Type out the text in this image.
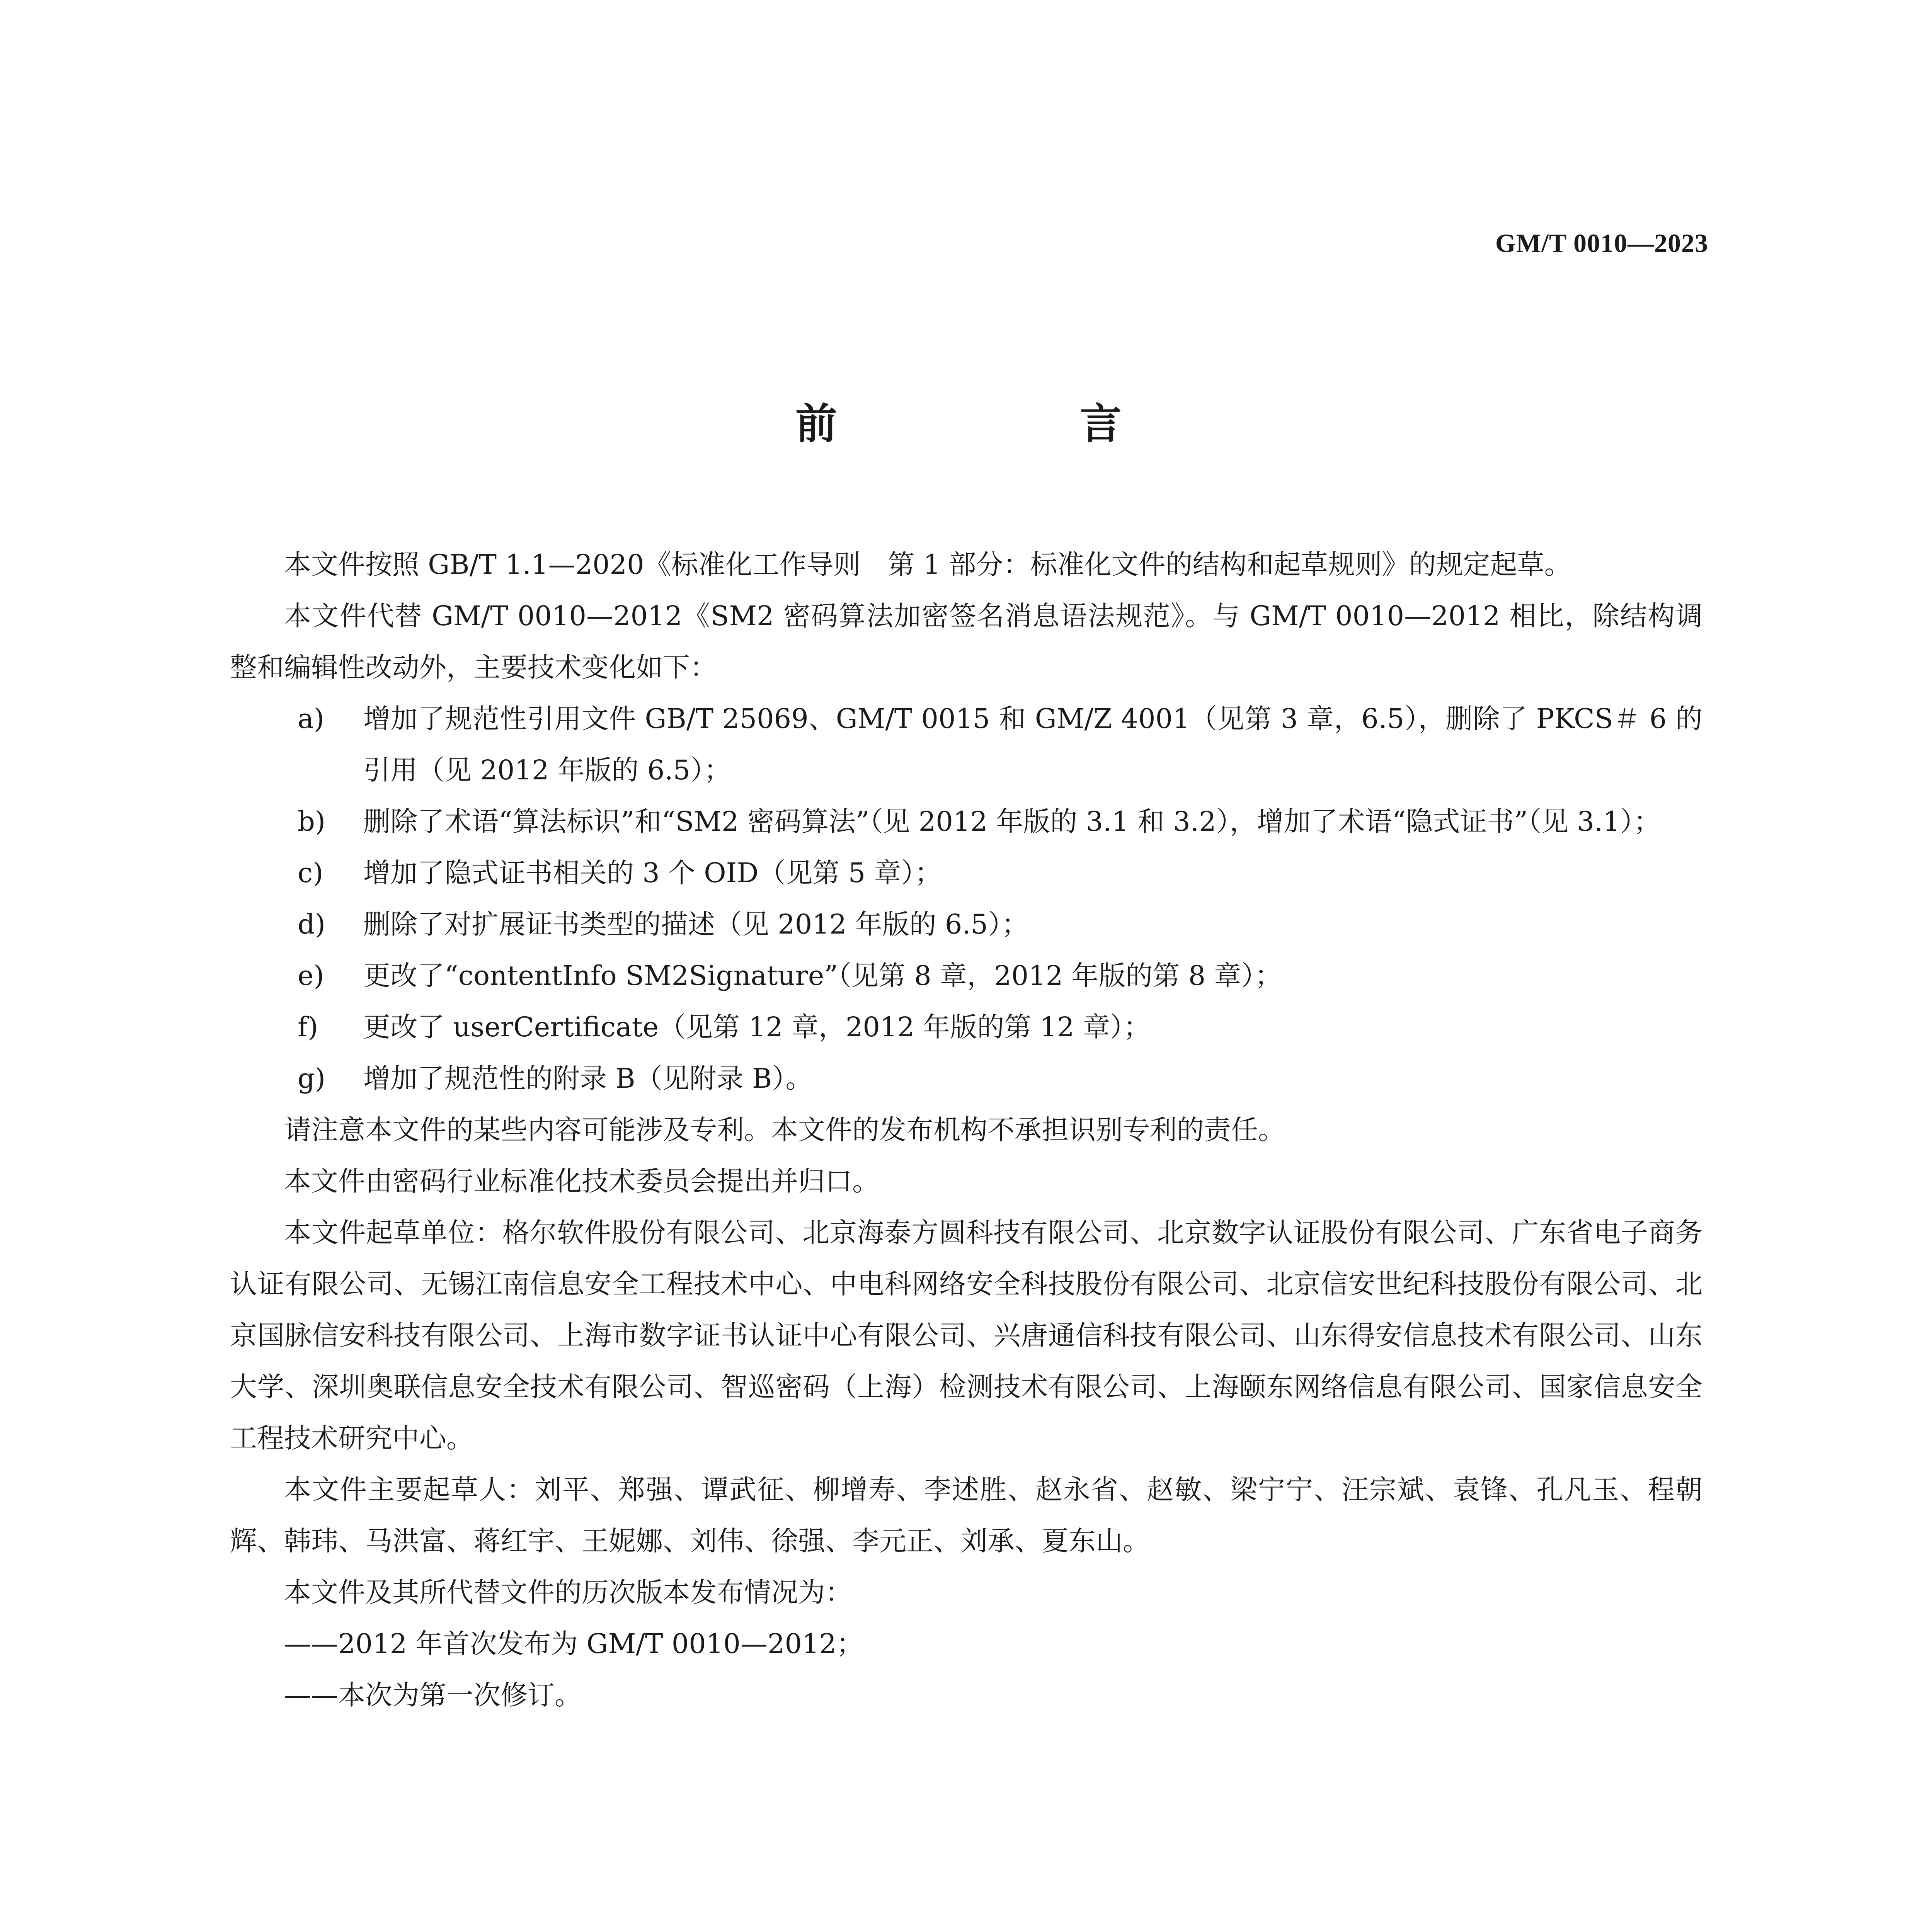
GM/T 0010—2023
前　言

本文件按照 GB/T 1.1—2020《标准化工作导则　第 1 部分：标准化文件的结构和起草规则》的规定起草。

本文件代替 GM/T 0010—2012《SM2 密码算法加密签名消息语法规范》。与 GM/T 0010—2012 相比，除结构调整和编辑性改动外，主要技术变化如下：

a) 增加了规范性引用文件 GB/T 25069、GM/T 0015 和 GM/Z 4001（见第 3 章，6.5），删除了 PKCS＃ 6 的引用（见 2012 年版的 6.5）；
b) 删除了术语“算法标识”和“SM2 密码算法”（见 2012 年版的 3.1 和 3.2），增加了术语“隐式证书”（见 3.1）；
c) 增加了隐式证书相关的 3 个 OID（见第 5 章）；
d) 删除了对扩展证书类型的描述（见 2012 年版的 6.5）；
e) 更改了“contentInfo SM2Signature”（见第 8 章，2012 年版的第 8 章）；
f) 更改了 userCertificate（见第 12 章，2012 年版的第 12 章）；
g) 增加了规范性的附录 B（见附录 B）。

请注意本文件的某些内容可能涉及专利。本文件的发布机构不承担识别专利的责任。

本文件由密码行业标准化技术委员会提出并归口。

本文件起草单位：格尔软件股份有限公司、北京海泰方圆科技有限公司、北京数字认证股份有限公司、广东省电子商务认证有限公司、无锡江南信息安全工程技术中心、中电科网络安全科技股份有限公司、北京信安世纪科技股份有限公司、北京国脉信安科技有限公司、上海市数字证书认证中心有限公司、兴唐通信科技有限公司、山东得安信息技术有限公司、山东大学、深圳奥联信息安全技术有限公司、智巡密码（上海）检测技术有限公司、上海颐东网络信息有限公司、国家信息安全工程技术研究中心。

本文件主要起草人：刘平、郑强、谭武征、柳增寿、李述胜、赵永省、赵敏、梁宁宁、汪宗斌、袁锋、孔凡玉、程朝辉、韩玮、马洪富、蒋红宇、王妮娜、刘伟、徐强、李元正、刘承、夏东山。

本文件及其所代替文件的历次版本发布情况为：

——2012 年首次发布为 GM/T 0010—2012；

——本次为第一次修订。
